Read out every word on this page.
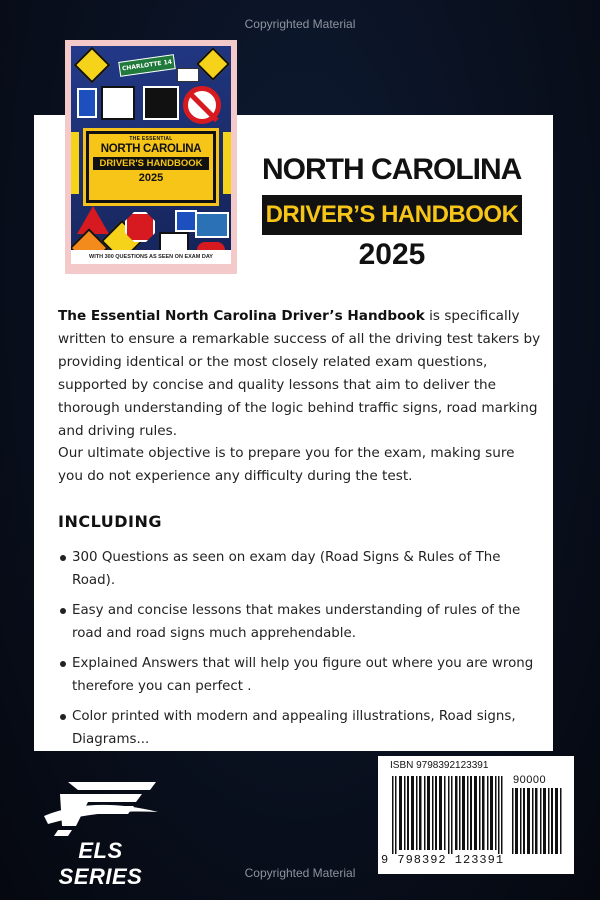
Copyrighted Material
CHARLOTTE 14
THE ESSENTIAL
NORTH CAROLINA
DRIVER'S HANDBOOK
2025
WITH 300 QUESTIONS AS SEEN ON EXAM DAY
NORTH CAROLINA
DRIVER’S HANDBOOK
2025

The Essential North Carolina Driver’s Handbook is specifically written to ensure a remarkable success of all the driving test takers by providing identical or the most closely related exam questions, supported by concise and quality lessons that aim to deliver the thorough understanding of the logic behind traffic signs, road marking and driving rules.

Our ultimate objective is to prepare you for the exam, making sure you do not experience any difficulty during the test.

INCLUDING
300 Questions as seen on exam day (Road Signs & Rules of The Road).
Easy and concise lessons that makes understanding of rules of the road and road signs much apprehendable.
Explained Answers that will help you figure out where you are wrong therefore you can perfect .
Color printed with modern and appealing illustrations, Road signs, Diagrams...
ELS SERIES
ISBN 9798392123391
90000
9 798392 123391
Copyrighted Material
